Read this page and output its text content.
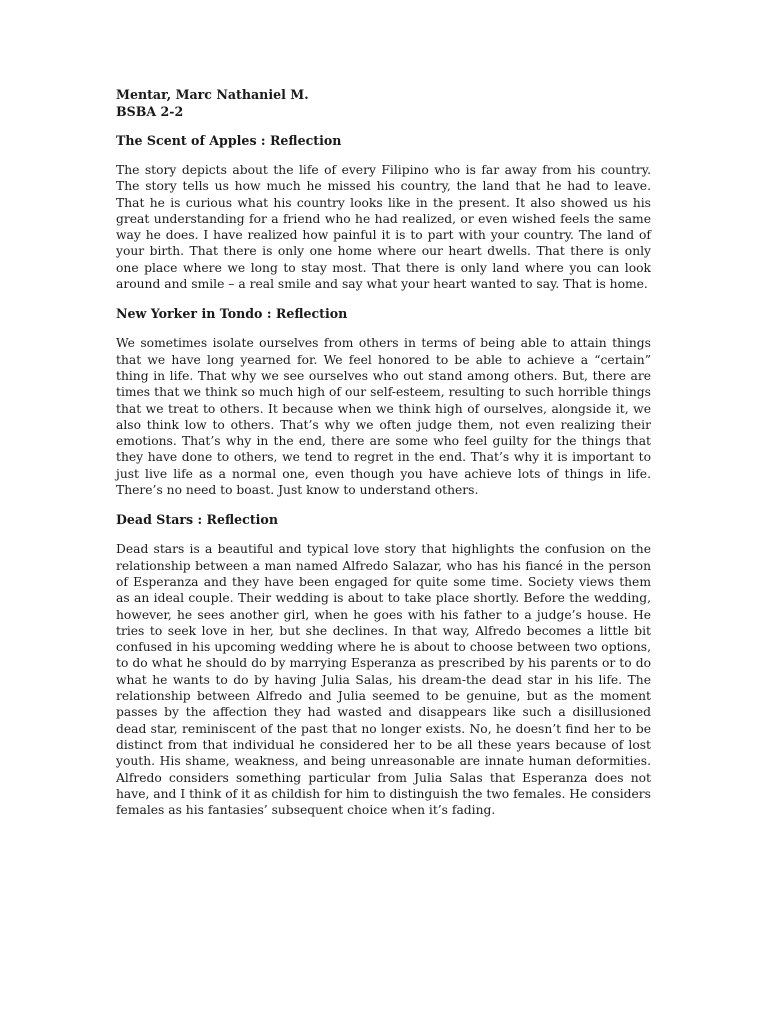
Mentar, Marc Nathaniel M.

BSBA 2-2

The Scent of Apples : Reflection

The story depicts about the life of every Filipino who is far away from his country. The story tells us how much he missed his country, the land that he had to leave. That he is curious what his country looks like in the present. It also showed us his great understanding for a friend who he had realized, or even wished feels the same way he does. I have realized how painful it is to part with your country. The land of your birth. That there is only one home where our heart dwells. That there is only one place where we long to stay most. That there is only land where you can look around and smile – a real smile and say what your heart wanted to say. That is home.

New Yorker in Tondo : Reflection

We sometimes isolate ourselves from others in terms of being able to attain things that we have long yearned for. We feel honored to be able to achieve a “certain” thing in life. That why we see ourselves who out stand among others. But, there are times that we think so much high of our self-esteem, resulting to such horrible things that we treat to others. It because when we think high of ourselves, alongside it, we also think low to others. That’s why we often judge them, not even realizing their emotions. That’s why in the end, there are some who feel guilty for the things that they have done to others, we tend to regret in the end. That’s why it is important to just live life as a normal one, even though you have achieve lots of things in life. There’s no need to boast. Just know to understand others.

Dead Stars : Reflection

Dead stars is a beautiful and typical love story that highlights the confusion on the relationship between a man named Alfredo Salazar, who has his fiancé in the person of Esperanza and they have been engaged for quite some time. Society views them as an ideal couple. Their wedding is about to take place shortly. Before the wedding, however, he sees another girl, when he goes with his father to a judge’s house. He tries to seek love in her, but she declines. In that way, Alfredo becomes a little bit confused in his upcoming wedding where he is about to choose between two options, to do what he should do by marrying Esperanza as prescribed by his parents or to do what he wants to do by having Julia Salas, his dream-the dead star in his life. The relationship between Alfredo and Julia seemed to be genuine, but as the moment passes by the affection they had wasted and disappears like such a disillusioned dead star, reminiscent of the past that no longer exists. No, he doesn’t find her to be distinct from that individual he considered her to be all these years because of lost youth. His shame, weakness, and being unreasonable are innate human deformities. Alfredo considers something particular from Julia Salas that Esperanza does not have, and I think of it as childish for him to distinguish the two females. He considers females as his fantasies’ subsequent choice when it’s fading.
